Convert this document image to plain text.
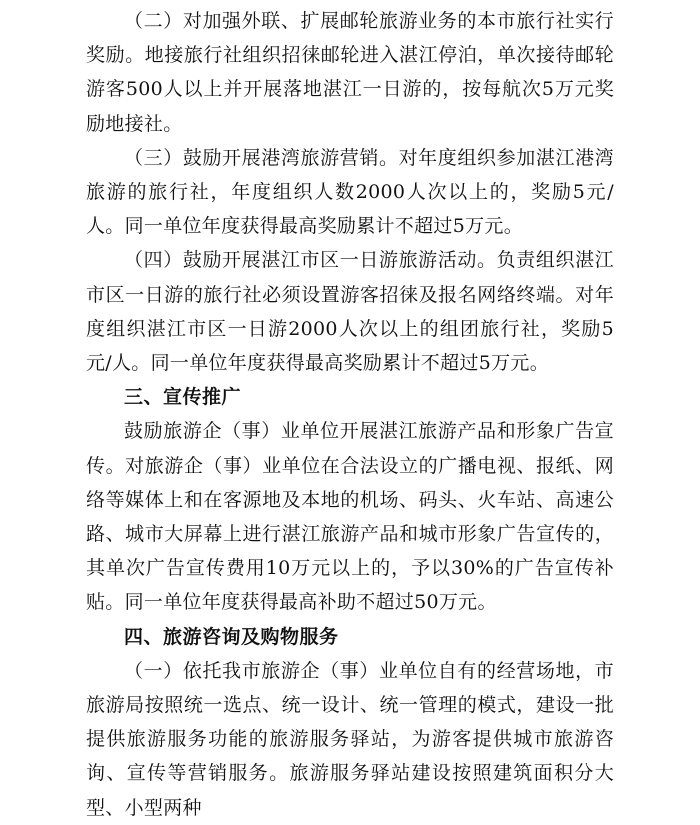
（二）对加强外联、扩展邮轮旅游业务的本市旅行社实行奖励。地接旅行社组织招徕邮轮进入湛江停泊，单次接待邮轮游客500人以上并开展落地湛江一日游的，按每航次5万元奖励地接社。

（三）鼓励开展港湾旅游营销。对年度组织参加湛江港湾旅游的旅行社，年度组织人数2000人次以上的，奖励5元/人。同一单位年度获得最高奖励累计不超过5万元。

（四）鼓励开展湛江市区一日游旅游活动。负责组织湛江市区一日游的旅行社必须设置游客招徕及报名网络终端。对年度组织湛江市区一日游2000人次以上的组团旅行社，奖励5元/人。同一单位年度获得最高奖励累计不超过5万元。

三、宣传推广

鼓励旅游企（事）业单位开展湛江旅游产品和形象广告宣传。对旅游企（事）业单位在合法设立的广播电视、报纸、网络等媒体上和在客源地及本地的机场、码头、火车站、高速公路、城市大屏幕上进行湛江旅游产品和城市形象广告宣传的，其单次广告宣传费用10万元以上的，予以30%的广告宣传补贴。同一单位年度获得最高补助不超过50万元。

四、旅游咨询及购物服务

（一）依托我市旅游企（事）业单位自有的经营场地，市旅游局按照统一选点、统一设计、统一管理的模式，建设一批提供旅游服务功能的旅游服务驿站，为游客提供城市旅游咨询、宣传等营销服务。旅游服务驿站建设按照建筑面积分大型、小型两种
